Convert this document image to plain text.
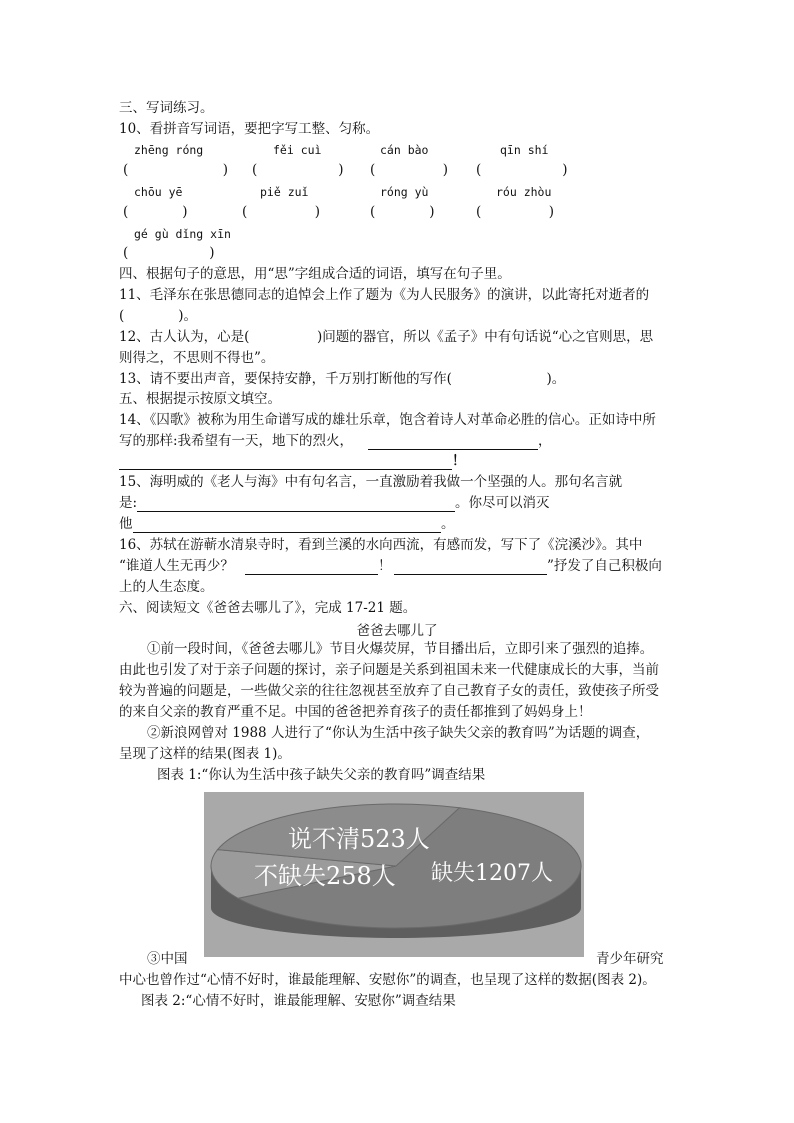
三、写词练习。
10、看拼音写词语，要把字写工整、匀称。
zhēng róng	fěi cuì	cán bào	qīn shí
(　　　　　　　) (　　　　　　) (　　　　　) (　　　　　　)
chōu yē	piě zuǐ	róng yù	róu zhòu
(　　　　)	(　　　　　)	(　　　　)	(　　　　　)
gé gù dǐng xīn
(　　　　　　)
四、根据句子的意思，用“思”字组成合适的词语，填写在句子里。
11、毛泽东在张思德同志的追悼会上作了题为《为人民服务》的演讲，以此寄托对逝者的
(　　　　)。
12、古人认为，心是(　　　　　)问题的器官，所以《孟子》中有句话说“心之官则思，思
则得之，不思则不得也”。
13、请不要出声音，要保持安静，千万别打断他的写作(　　　　　　　)。
五、根据提示按原文填空。
14、《囚歌》被称为用生命谱写成的雄壮乐章，饱含着诗人对革命必胜的信心。正如诗中所
写的那样:我希望有一天，地下的烈火，	，
！
15、海明威的《老人与海》中有句名言，一直激励着我做一个坚强的人。那句名言就
是:	。你尽可以消灭
他	。
16、苏轼在游蕲水清泉寺时，看到兰溪的水向西流，有感而发，写下了《浣溪沙》。其中
“谁道人生无再少？	！	”抒发了自己积极向
上的人生态度。
六、阅读短文《爸爸去哪儿了》，完成 17-21 题。
爸爸去哪儿了
①前一段时间，《爸爸去哪儿》节目火爆荧屏，节目播出后，立即引来了强烈的追捧。
由此也引发了对于亲子问题的探讨，亲子问题是关系到祖国未来一代健康成长的大事，当前
较为普遍的问题是，一些做父亲的往往忽视甚至放弃了自己教育子女的责任，致使孩子所受
的来自父亲的教育严重不足。中国的爸爸把养育孩子的责任都推到了妈妈身上！
②新浪网曾对 1988 人进行了“你认为生活中孩子缺失父亲的教育吗”为话题的调查，
呈现了这样的结果(图表 1)。
图表 1:“你认为生活中孩子缺失父亲的教育吗”调查结果
说不清523人
不缺失258人 缺失1207人
③中国	青少年研究
中心也曾作过“心情不好时，谁最能理解、安慰你”的调查，也呈现了这样的数据(图表 2)。
图表 2:“心情不好时，谁最能理解、安慰你”调查结果
